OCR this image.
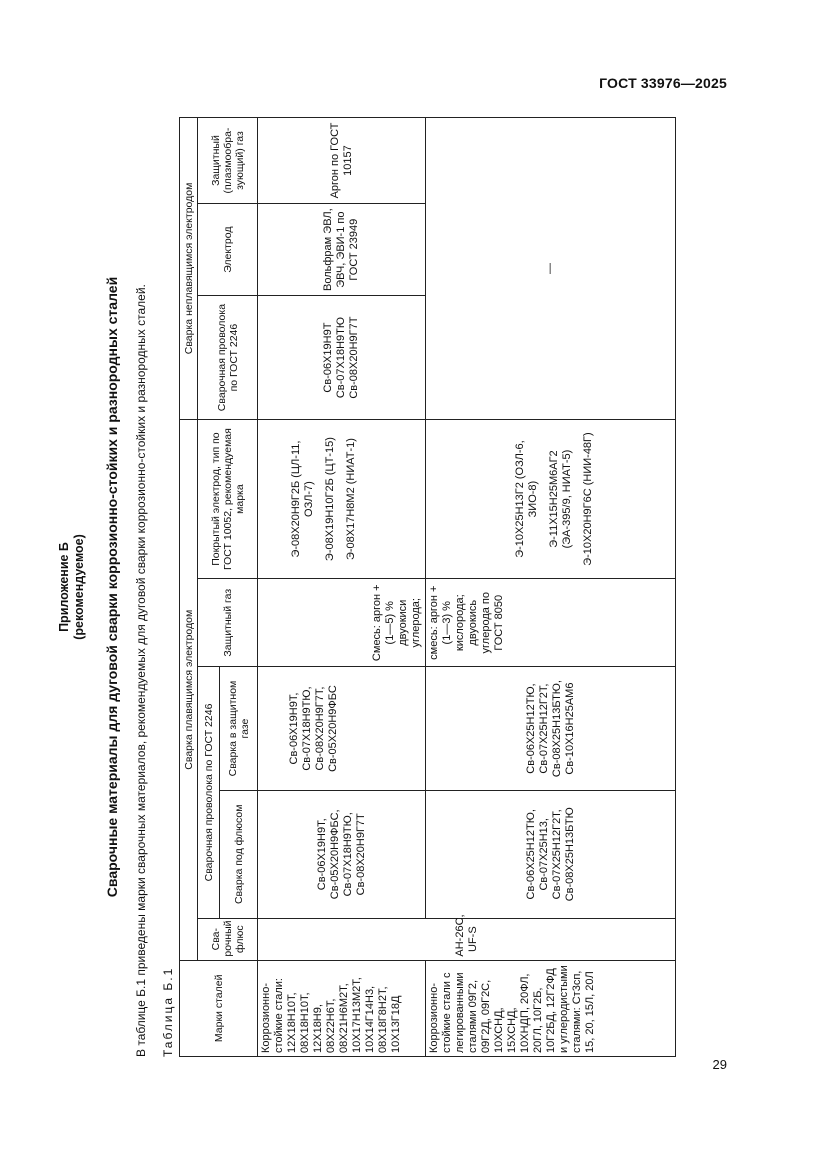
ГОСТ 33976—2025
Приложение Б (рекомендуемое) Сварочные материалы для дуговой сварки коррозионно-стойких и разнородных сталей В таблице Б.1 приведены марки сварочных материалов, рекомендуемых для дуговой сварки коррозионно-стойких и разнородных сталей. Таблица Б.1	Марки сталей	Сварка плавящимся электродом					Сварка неплавящимся электродом		
	Сва-рочный флюс	Сварочная проволока по ГОСТ 2246		Защитный газ	Покрытый электрод, тип по ГОСТ 10052, рекомендуемая марка	Сварочная проволока по ГОСТ 2246	Электрод	Защитный (плазмообра-зующий) газ
		Сварка под флюсом	Сварка в защитном газе					
Коррозионно-стойкие стали: 12Х18Н10Т, 08Х18Н10Т, 12Х18Н9, 08Х22Н6Т, 08Х21Н6М2Т, 10Х17Н13М2Т, 10Х14Г14Н3, 08Х18Г8Н2Т, 10Х13Г18Д	АН-26С, UF-S	Св-06Х19Н9Т, Св-05Х20Н9ФБС, Св-07Х18Н9ТЮ, Св-08Х20Н9Г7Т	Св-06Х19Н9Т, Св-07Х18Н9ТЮ, Св-08Х20Н9Г7Т, Св-05Х20Н9ФБС	Смесь: аргон + (1—5) % двуокиси углерода;	Э-08Х20Н9Г2Б (ЦЛ-11, ОЗЛ-7) Э-08Х19Н10Г2Б (ЦТ-15) Э-08Х17Н8М2 (НИАТ-1)	Св-06Х19Н9Т Св-07Х18Н9ТЮ Св-08Х20Н9Г7Т	Вольфрам ЭВЛ, ЭВЧ, ЭВИ-1 по ГОСТ 23949	Аргон по ГОСТ 10157
Коррозионно-стойкие стали с легированными сталями 09Г2, 09Г2Д, 09Г2С, 10ХСНД, 15ХСНД, 10ХНДП, 20ФЛ, 20ГЛ, 10Г2Б, 10Г2БД, 12Г2ФД и углеродистыми сталями: Ст3сп, 15, 20, 15Л, 20Л		Св-06Х25Н12ТЮ, Св-07Х25Н13, Св-07Х25Н12Г2Т, Св-08Х25Н13БТЮ	Св-06Х25Н12ТЮ, Св-07Х25Н12Г2Т, Св-08Х25Н13БТЮ, Св-10Х16Н25АМ6	смесь: аргон + (1—3) % кислорода; двуокись углерода по ГОСТ 8050	Э-10Х25Н13Г2 (ОЗЛ-6, ЗИО-8) Э-11Х15Н25М6АГ2 (ЭА-395/9, НИАТ-5) Э-10Х20Н9Г6С (НИИ-48Г)	—		
29
